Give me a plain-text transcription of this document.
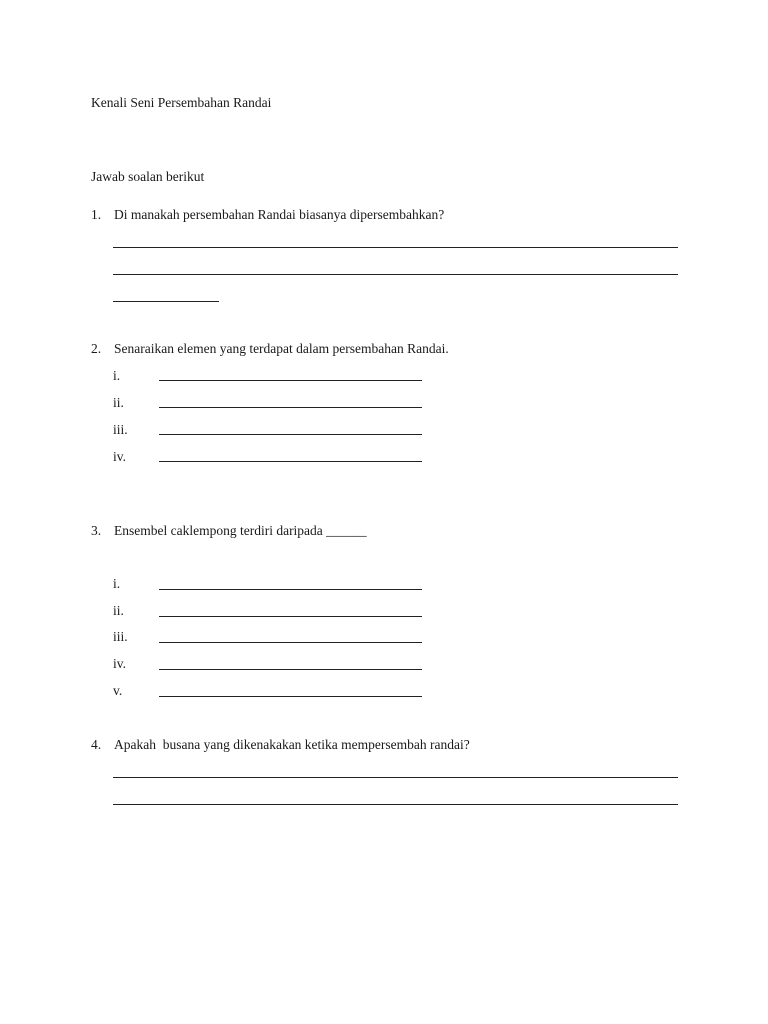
Kenali Seni Persembahan Randai
Jawab soalan berikut
1. Di manakah persembahan Randai biasanya dipersembahkan?
2. Senaraikan elemen yang terdapat dalam persembahan Randai.
i.
ii.
iii.
iv.
3. Ensembel caklempong terdiri daripada ______
i.
ii.
iii.
iv.
v.
4. Apakah  busana yang dikenakakan ketika mempersembah randai?
